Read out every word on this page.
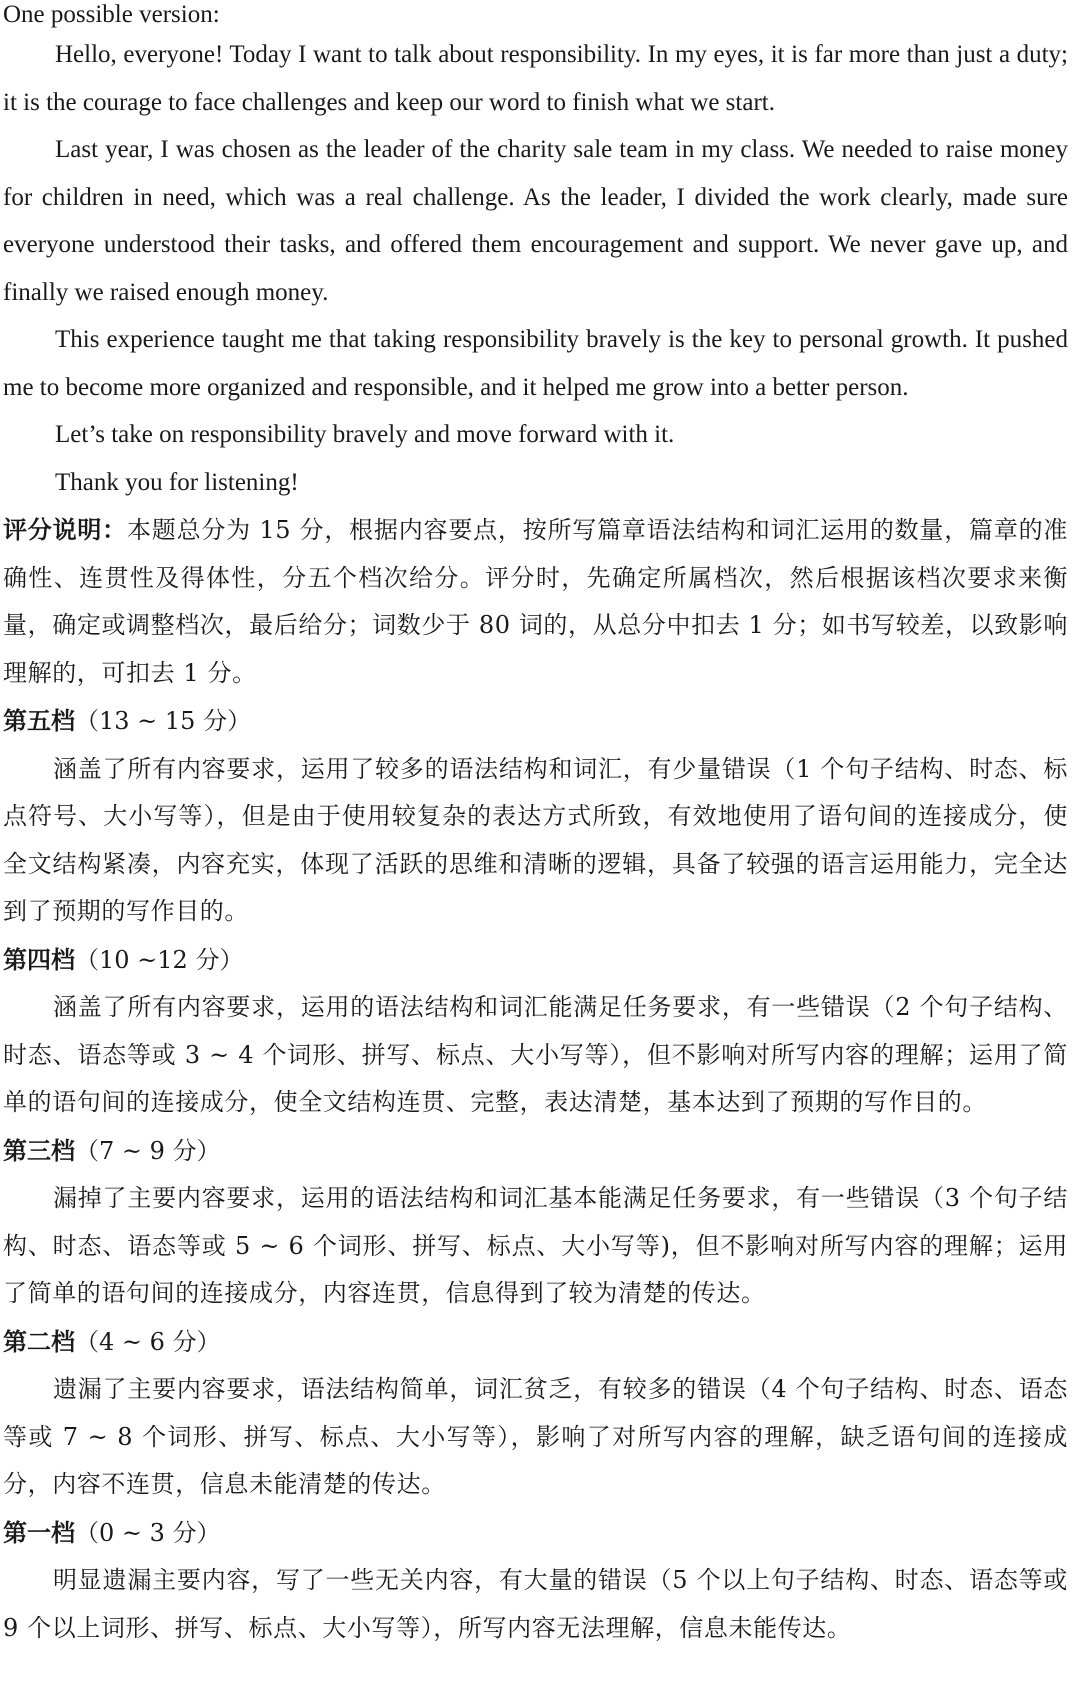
One possible version:

Hello, everyone! Today I want to talk about responsibility. In my eyes, it is far more than just a duty; it is the courage to face challenges and keep our word to finish what we start.

Last year, I was chosen as the leader of the charity sale team in my class. We needed to raise money for children in need, which was a real challenge. As the leader, I divided the work clearly, made sure everyone understood their tasks, and offered them encouragement and support. We never gave up, and finally we raised enough money.

This experience taught me that taking responsibility bravely is the key to personal growth. It pushed me to become more organized and responsible, and it helped me grow into a better person.

Let’s take on responsibility bravely and move forward with it.

Thank you for listening!

评分说明：本题总分为 15 分，根据内容要点，按所写篇章语法结构和词汇运用的数量，篇章的准确性、连贯性及得体性，分五个档次给分。评分时，先确定所属档次，然后根据该档次要求来衡量，确定或调整档次，最后给分；词数少于 80 词的，从总分中扣去 1 分；如书写较差，以致影响理解的，可扣去 1 分。

第五档（13 ~ 15 分）

涵盖了所有内容要求，运用了较多的语法结构和词汇，有少量错误（1 个句子结构、时态、标点符号、大小写等），但是由于使用较复杂的表达方式所致，有效地使用了语句间的连接成分，使全文结构紧凑，内容充实，体现了活跃的思维和清晰的逻辑，具备了较强的语言运用能力，完全达到了预期的写作目的。

第四档（10 ~12 分）

涵盖了所有内容要求，运用的语法结构和词汇能满足任务要求，有一些错误（2 个句子结构、时态、语态等或 3 ~ 4 个词形、拼写、标点、大小写等），但不影响对所写内容的理解；运用了简单的语句间的连接成分，使全文结构连贯、完整，表达清楚，基本达到了预期的写作目的。

第三档（7 ~ 9 分）

漏掉了主要内容要求，运用的语法结构和词汇基本能满足任务要求，有一些错误（3 个句子结构、时态、语态等或 5 ~ 6 个词形、拼写、标点、大小写等)，但不影响对所写内容的理解；运用了简单的语句间的连接成分，内容连贯，信息得到了较为清楚的传达。

第二档（4 ~ 6 分）

遗漏了主要内容要求，语法结构简单，词汇贫乏，有较多的错误（4 个句子结构、时态、语态等或 7 ~ 8 个词形、拼写、标点、大小写等），影响了对所写内容的理解，缺乏语句间的连接成分，内容不连贯，信息未能清楚的传达。

第一档（0 ~ 3 分）

明显遗漏主要内容，写了一些无关内容，有大量的错误（5 个以上句子结构、时态、语态等或 9 个以上词形、拼写、标点、大小写等），所写内容无法理解，信息未能传达。
